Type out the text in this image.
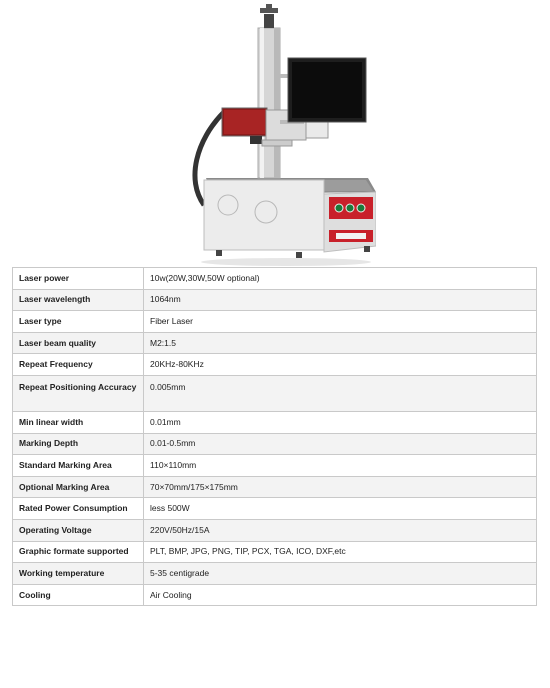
Laser power	10w(20W,30W,50W optional)
Laser wavelength	1064nm
Laser type	Fiber Laser
Laser beam quality	M2:1.5
Repeat Frequency	20KHz-80KHz
Repeat Positioning Accuracy	0.005mm
Min linear width	0.01mm
Marking Depth	0.01-0.5mm
Standard Marking Area	110×110mm
Optional Marking Area	70×70mm/175×175mm
Rated Power Consumption	less 500W
Operating Voltage	220V/50Hz/15A
Graphic formate supported	PLT, BMP, JPG, PNG, TIP, PCX, TGA, ICO, DXF,etc
Working temperature	5-35 centigrade
Cooling	Air Cooling
